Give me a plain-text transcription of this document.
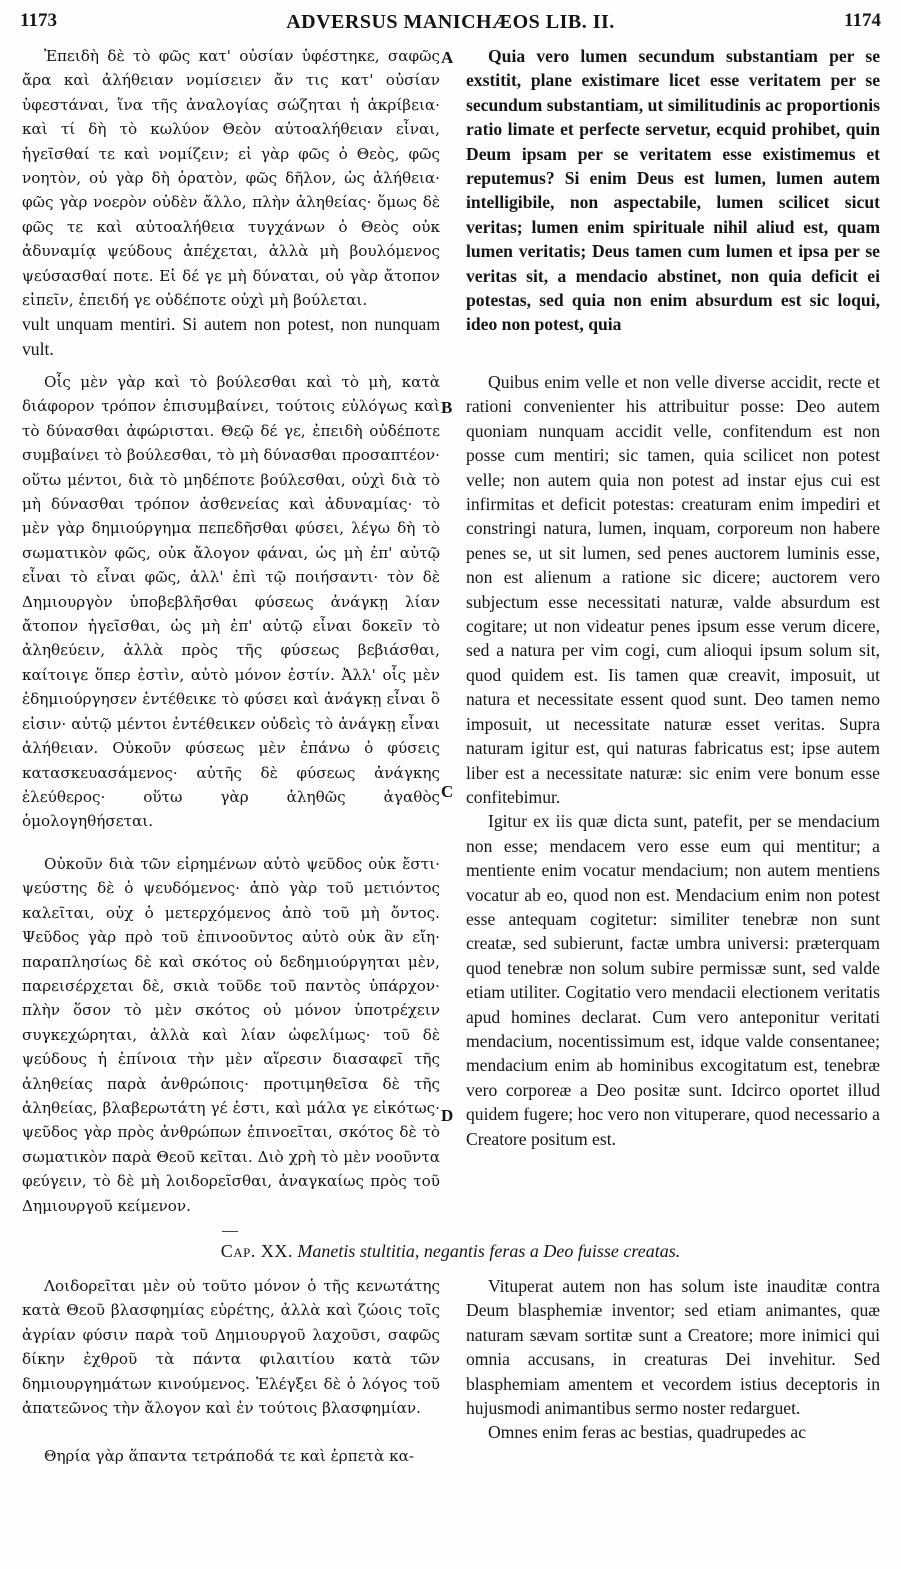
1173	ADVERSUS MANICHÆOS LIB. II.	1174

Ἐπειδὴ δὲ τὸ φῶς κατ' οὐσίαν ὑφέστηκε, σαφῶς ἄρα καὶ ἀλήθειαν νομίσειεν ἄν τις κατ' οὐσίαν ὑφεστάναι, ἵνα τῆς ἀναλογίας σώζηται ἡ ἀκρίβεια· καὶ τί δὴ τὸ κωλύον Θεὸν αὐτοαλήθειαν εἶναι, ἡγεῖσθαί τε καὶ νομίζειν; εἰ γὰρ φῶς ὁ Θεὸς, φῶς νοητὸν, οὐ γὰρ δὴ ὁρατὸν, φῶς δῆλον, ὡς ἀλήθεια· φῶς γὰρ νοερὸν οὐδὲν ἄλλο, πλὴν ἀληθείας· ὅμως δὲ φῶς τε καὶ αὐτοαλήθεια τυγχάνων ὁ Θεὸς οὐκ ἀδυναμίᾳ ψεύδους ἀπέχεται, ἀλλὰ μὴ βουλόμενος ψεύσασθαί ποτε. Εἰ δέ γε μὴ δύναται, οὐ γὰρ ἄτοπον εἰπεῖν, ἐπειδή γε οὐδέποτε οὐχὶ μὴ βούλεται.

vult unquam mentiri. Si autem non potest, non nunquam vult.

Οἷς μὲν γὰρ καὶ τὸ βούλεσθαι καὶ τὸ μὴ, κατὰ διάφορον τρόπον ἐπισυμβαίνει, τούτοις εὐλόγως καὶ τὸ δύνασθαι ἀφώρισται. Θεῷ δέ γε, ἐπειδὴ οὐδέποτε συμβαίνει τὸ βούλεσθαι, τὸ μὴ δύνασθαι προσαπτέον· οὕτω μέντοι, διὰ τὸ μηδέποτε βούλεσθαι, οὐχὶ διὰ τὸ μὴ δύνασθαι τρόπον ἀσθενείας καὶ ἀδυναμίας· τὸ μὲν γὰρ δημιούργημα πεπεδῆσθαι φύσει, λέγω δὴ τὸ σωματικὸν φῶς, οὐκ ἄλογον φάναι, ὡς μὴ ἐπ' αὐτῷ εἶναι τὸ εἶναι φῶς, ἀλλ' ἐπὶ τῷ ποιήσαντι· τὸν δὲ Δημιουργὸν ὑποβεβλῆσθαι φύσεως ἀνάγκῃ λίαν ἄτοπον ἡγεῖσθαι, ὡς μὴ ἐπ' αὐτῷ εἶναι δοκεῖν τὸ ἀληθεύειν, ἀλλὰ πρὸς τῆς φύσεως βεβιάσθαι, καίτοιγε ὅπερ ἐστὶν, αὐτὸ μόνον ἐστίν. Ἀλλ' οἷς μὲν ἐδημιούργησεν ἐντέθεικε τὸ φύσει καὶ ἀνάγκῃ εἶναι ὃ εἰσιν· αὐτῷ μέντοι ἐντέθεικεν οὐδεὶς τὸ ἀνάγκῃ εἶναι ἀλήθειαν. Οὐκοῦν φύσεως μὲν ἐπάνω ὁ φύσεις κατασκευασάμενος· αὐτῆς δὲ φύσεως ἀνάγκης ἐλεύθερος· οὕτω γὰρ ἀληθῶς ἀγαθὸς ὁμολογηθήσεται.

Οὐκοῦν διὰ τῶν εἰρημένων αὐτὸ ψεῦδος οὐκ ἔστι· ψεύστης δὲ ὁ ψευδόμενος· ἀπὸ γὰρ τοῦ μετιόντος καλεῖται, οὐχ ὁ μετερχόμενος ἀπὸ τοῦ μὴ ὄντος. Ψεῦδος γὰρ πρὸ τοῦ ἐπινοοῦντος αὐτὸ οὐκ ἂν εἴη· παραπλησίως δὲ καὶ σκότος οὐ δεδημιούργηται μὲν, παρεισέρχεται δὲ, σκιὰ τοῦδε τοῦ παντὸς ὑπάρχον· πλὴν ὅσον τὸ μὲν σκότος οὐ μόνον ὑποτρέχειν συγκεχώρηται, ἀλλὰ καὶ λίαν ὠφελίμως· τοῦ δὲ ψεύδους ἡ ἐπίνοια τὴν μὲν αἵρεσιν διασαφεῖ τῆς ἀληθείας παρὰ ἀνθρώποις· προτιμηθεῖσα δὲ τῆς ἀληθείας, βλαβερωτάτη γέ ἐστι, καὶ μάλα γε εἰκότως· ψεῦδος γὰρ πρὸς ἀνθρώπων ἐπινοεῖται, σκότος δὲ τὸ σωματικὸν παρὰ Θεοῦ κεῖται. Διὸ χρὴ τὸ μὲν νοοῦντα φεύγειν, τὸ δὲ μὴ λοιδορεῖσθαι, ἀναγκαίως πρὸς τοῦ Δημιουργοῦ κείμενον.

Quia vero lumen secundum substantiam per se exstitit, plane existimare licet esse veritatem per se secundum substantiam, ut similitudinis ac proportionis ratio limate et perfecte servetur, ecquid prohibet, quin Deum ipsam per se veritatem esse existimemus et reputemus? Si enim Deus est lumen, lumen autem intelligibile, non aspectabile, lumen scilicet sicut veritas; lumen enim spirituale nihil aliud est, quam lumen veritatis; Deus tamen cum lumen et ipsa per se veritas sit, a mendacio abstinet, non quia deficit ei potestas, sed quia non enim absurdum est sic loqui, ideo non potest, quia

Quibus enim velle et non velle diverse accidit, recte et rationi convenienter his attribuitur posse: Deo autem quoniam nunquam accidit velle, confitendum est non posse cum mentiri; sic tamen, quia scilicet non potest velle; non autem quia non potest ad instar ejus cui est infirmitas et deficit potestas: creaturam enim impediri et constringi natura, lumen, inquam, corporeum non habere penes se, ut sit lumen, sed penes auctorem luminis esse, non est alienum a ratione sic dicere; auctorem vero subjectum esse necessitati naturæ, valde absurdum est cogitare; ut non videatur penes ipsum esse verum dicere, sed a natura per vim cogi, cum alioqui ipsum solum sit, quod quidem est. Iis tamen quæ creavit, imposuit, ut natura et necessitate essent quod sunt. Deo tamen nemo imposuit, ut necessitate naturæ esset veritas. Supra naturam igitur est, qui naturas fabricatus est; ipse autem liber est a necessitate naturæ: sic enim vere bonum esse confitebimur.

Igitur ex iis quæ dicta sunt, patefit, per se mendacium non esse; mendacem vero esse eum qui mentitur; a mentiente enim vocatur mendacium; non autem mentiens vocatur ab eo, quod non est. Mendacium enim non potest esse antequam cogitetur: similiter tenebræ non sunt creatæ, sed subierunt, factæ umbra universi: præterquam quod tenebræ non solum subire permissæ sunt, sed valde etiam utiliter. Cogitatio vero mendacii electionem veritatis apud homines declarat. Cum vero anteponitur veritati mendacium, nocentissimum est, idque valde consentanee; mendacium enim ab hominibus excogitatum est, tenebræ vero corporeæ a Deo positæ sunt. Idcirco oportet illud quidem fugere; hoc vero non vituperare, quod necessario a Creatore positum est.

A
B
C
D
Cap. XX. Manetis stultitia, negantis feras a Deo fuisse creatas.

Λοιδορεῖται μὲν οὐ τοῦτο μόνον ὁ τῆς κενωτάτης κατὰ Θεοῦ βλασφημίας εὑρέτης, ἀλλὰ καὶ ζώοις τοῖς ἀγρίαν φύσιν παρὰ τοῦ Δημιουργοῦ λαχοῦσι, σαφῶς δίκην ἐχθροῦ τὰ πάντα φιλαιτίου κατὰ τῶν δημιουργημάτων κινούμενος. Ἐλέγξει δὲ ὁ λόγος τοῦ ἀπατεῶνος τὴν ἄλογον καὶ ἐν τούτοις βλασφημίαν.

Θηρία γὰρ ἅπαντα τετράποδά τε καὶ ἑρπετὰ κα-

Vituperat autem non has solum iste inauditæ contra Deum blasphemiæ inventor; sed etiam animantes, quæ naturam sævam sortitæ sunt a Creatore; more inimici qui omnia accusans, in creaturas Dei invehitur. Sed blasphemiam amentem et vecordem istius deceptoris in hujusmodi animantibus sermo noster redarguet.

Omnes enim feras ac bestias, quadrupedes ac
